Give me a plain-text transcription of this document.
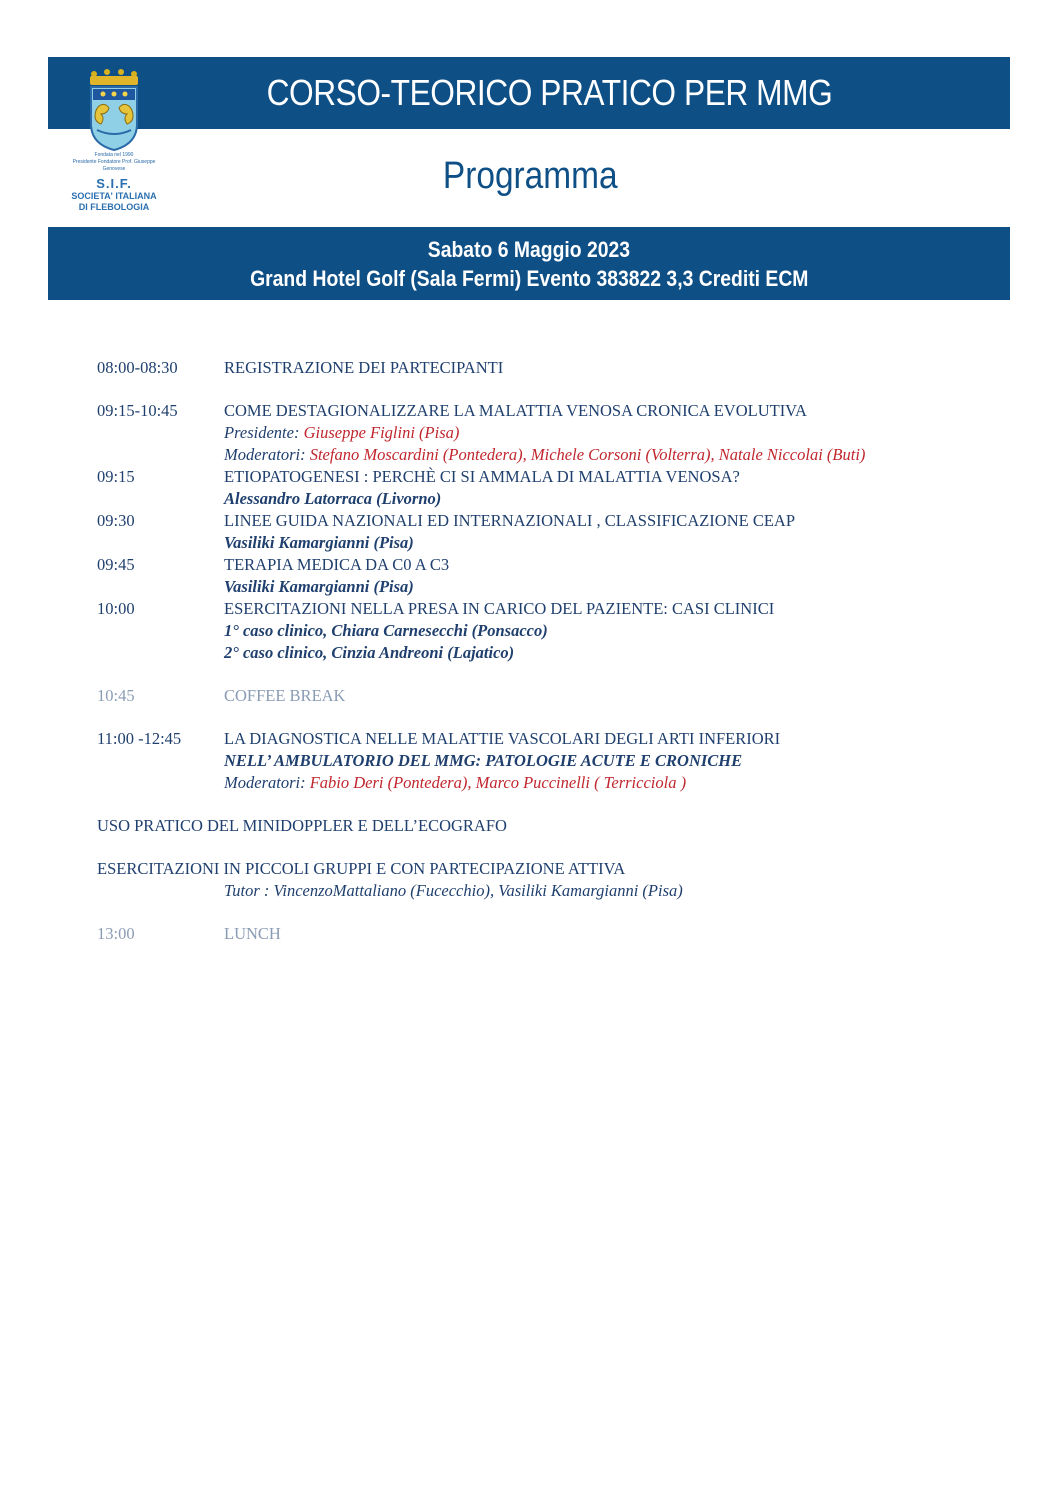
CORSO-TEORICO PRATICO PER MMG
Fondata nel 1990
Presidente Fondatore Prof. Giuseppe Genovese
S.I.F.
SOCIETA' ITALIANA
DI FLEBOLOGIA
Programma
Sabato 6 Maggio 2023
Grand Hotel Golf (Sala Fermi) Evento 383822 3,3 Crediti ECM
08:00-08:30	REGISTRAZIONE DEI PARTECIPANTI
09:15-10:45	COME DESTAGIONALIZZARE LA MALATTIA VENOSA CRONICA EVOLUTIVA
Presidente: Giuseppe Figlini (Pisa)
Moderatori: Stefano Moscardini (Pontedera), Michele Corsoni (Volterra), Natale Niccolai (Buti)
09:15	ETIOPATOGENESI : PERCHÈ CI SI AMMALA DI MALATTIA VENOSA?
Alessandro Latorraca (Livorno)
09:30	LINEE GUIDA NAZIONALI ED INTERNAZIONALI , CLASSIFICAZIONE CEAP
Vasiliki Kamargianni (Pisa)
09:45	TERAPIA MEDICA DA C0 A C3
Vasiliki Kamargianni (Pisa)
10:00	ESERCITAZIONI NELLA PRESA IN CARICO DEL PAZIENTE: CASI CLINICI
1° caso clinico, Chiara Carnesecchi (Ponsacco)
2° caso clinico, Cinzia Andreoni (Lajatico)
10:45	COFFEE BREAK
11:00 -12:45	LA DIAGNOSTICA NELLE MALATTIE VASCOLARI DEGLI ARTI INFERIORI
NELL’ AMBULATORIO DEL MMG: PATOLOGIE ACUTE E CRONICHE
Moderatori: Fabio Deri (Pontedera), Marco Puccinelli ( Terricciola )
USO PRATICO DEL MINIDOPPLER E DELL’ECOGRAFO
ESERCITAZIONI IN PICCOLI GRUPPI E CON PARTECIPAZIONE ATTIVA
Tutor : VincenzoMattaliano (Fucecchio), Vasiliki Kamargianni (Pisa)
13:00	LUNCH
